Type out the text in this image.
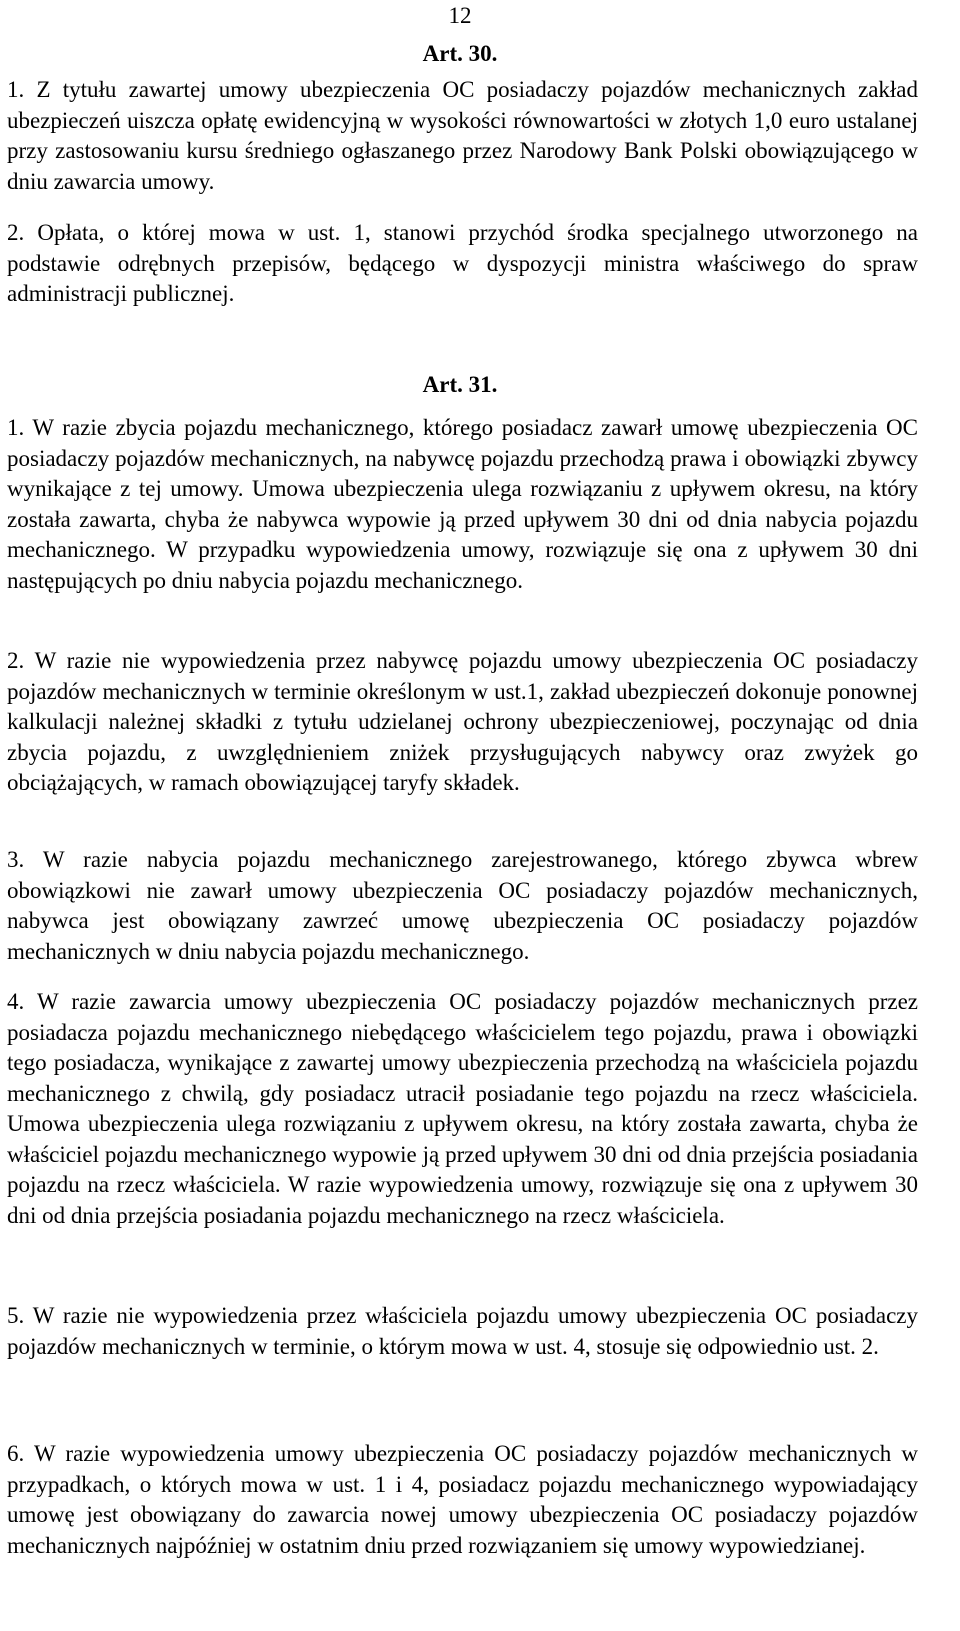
12
Art. 30.

1. Z tytułu zawartej umowy ubezpieczenia OC posiadaczy pojazdów mechanicznych zakład ubezpieczeń uiszcza opłatę ewidencyjną w wysokości równowartości w złotych 1,0 euro ustalanej przy zastosowaniu kursu średniego ogłaszanego przez Narodowy Bank Polski obowiązującego w dniu zawarcia umowy.

2. Opłata, o której mowa w ust. 1, stanowi przychód środka specjalnego utworzonego na podstawie odrębnych przepisów, będącego w dyspozycji ministra właściwego do spraw administracji publicznej.

Art. 31.

1. W razie zbycia pojazdu mechanicznego, którego posiadacz zawarł umowę ubezpieczenia OC posiadaczy pojazdów mechanicznych, na nabywcę pojazdu przechodzą prawa i obowiązki zbywcy wynikające z tej umowy. Umowa ubezpieczenia ulega rozwiązaniu z upływem okresu, na który została zawarta, chyba że nabywca wypowie ją przed upływem 30 dni od dnia nabycia pojazdu mechanicznego. W przypadku wypowiedzenia umowy, rozwiązuje się ona z upływem 30 dni następujących po dniu nabycia pojazdu mechanicznego.

2. W razie nie wypowiedzenia przez nabywcę pojazdu umowy ubezpieczenia OC posiadaczy pojazdów mechanicznych w terminie określonym w ust.1, zakład ubezpieczeń dokonuje ponownej kalkulacji należnej składki z tytułu udzielanej ochrony ubezpieczeniowej, poczynając od dnia zbycia pojazdu, z uwzględnieniem zniżek przysługujących nabywcy oraz zwyżek go obciążających, w ramach obowiązującej taryfy składek.

3. W razie nabycia pojazdu mechanicznego zarejestrowanego, którego zbywca wbrew obowiązkowi nie zawarł umowy ubezpieczenia OC posiadaczy pojazdów mechanicznych, nabywca jest obowiązany zawrzeć umowę ubezpieczenia OC posiadaczy pojazdów mechanicznych w dniu nabycia pojazdu mechanicznego.

4. W razie zawarcia umowy ubezpieczenia OC posiadaczy pojazdów mechanicznych przez posiadacza pojazdu mechanicznego niebędącego właścicielem tego pojazdu, prawa i obowiązki tego posiadacza, wynikające z zawartej umowy ubezpieczenia przechodzą na właściciela pojazdu mechanicznego z chwilą, gdy posiadacz utracił posiadanie tego pojazdu na rzecz właściciela. Umowa ubezpieczenia ulega rozwiązaniu z upływem okresu, na który została zawarta, chyba że właściciel pojazdu mechanicznego wypowie ją przed upływem 30 dni od dnia przejścia posiadania pojazdu na rzecz właściciela. W razie wypowiedzenia umowy, rozwiązuje się ona z upływem 30 dni od dnia przejścia posiadania pojazdu mechanicznego na rzecz właściciela.

5. W razie nie wypowiedzenia przez właściciela pojazdu umowy ubezpieczenia OC posiadaczy pojazdów mechanicznych w terminie, o którym mowa w ust. 4, stosuje się odpowiednio ust. 2.

6. W razie wypowiedzenia umowy ubezpieczenia OC posiadaczy pojazdów mechanicznych w przypadkach, o których mowa w ust. 1 i 4, posiadacz pojazdu mechanicznego wypowiadający umowę jest obowiązany do zawarcia nowej umowy ubezpieczenia OC posiadaczy pojazdów mechanicznych najpóźniej w ostatnim dniu przed rozwiązaniem się umowy wypowiedzianej.
